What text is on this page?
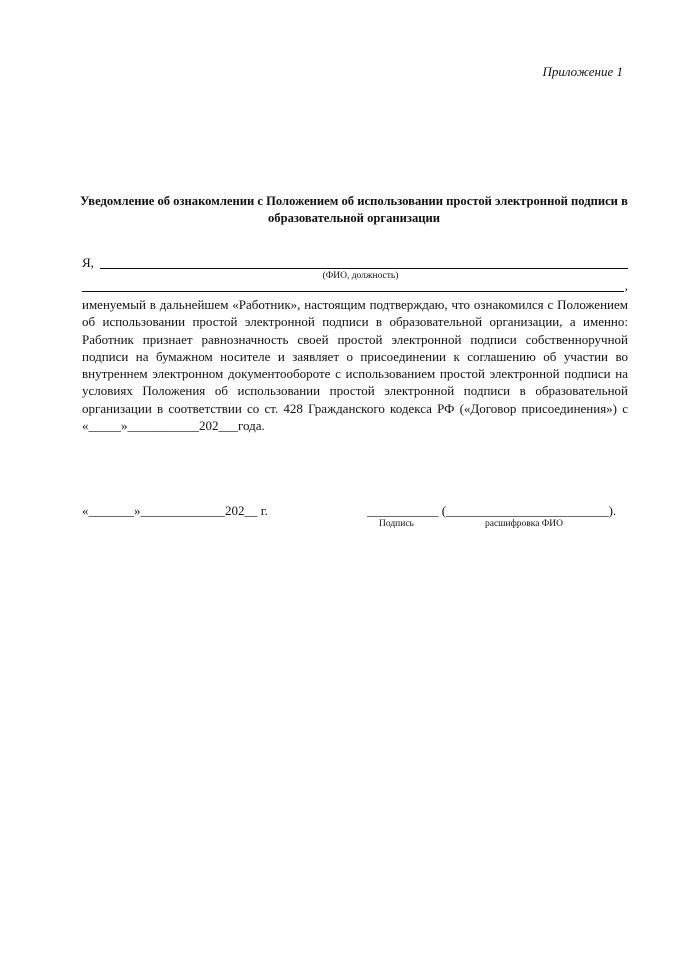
Приложение 1
Уведомление об ознакомлении с Положением об использовании простой электронной подписи в образовательной организации
Я,
(ФИО, должность)
,
именуемый в дальнейшем «Работник», настоящим подтверждаю, что ознакомился с Положением об использовании простой электронной подписи в образовательной организации, а именно: Работник признает равнозначность своей простой электронной подписи собственноручной подписи на бумажном носителе и заявляет о присоединении к соглашению об участии во внутреннем электронном документообороте с использованием простой электронной подписи на условиях Положения об использовании простой электронной подписи в образовательной организации в соответствии со ст. 428 Гражданского кодекса РФ («Договор присоединения») с «_____»___________202___года.
«_______»_____________202__ г.	___________ (_________________________).
Подпись	расшифровка ФИО
